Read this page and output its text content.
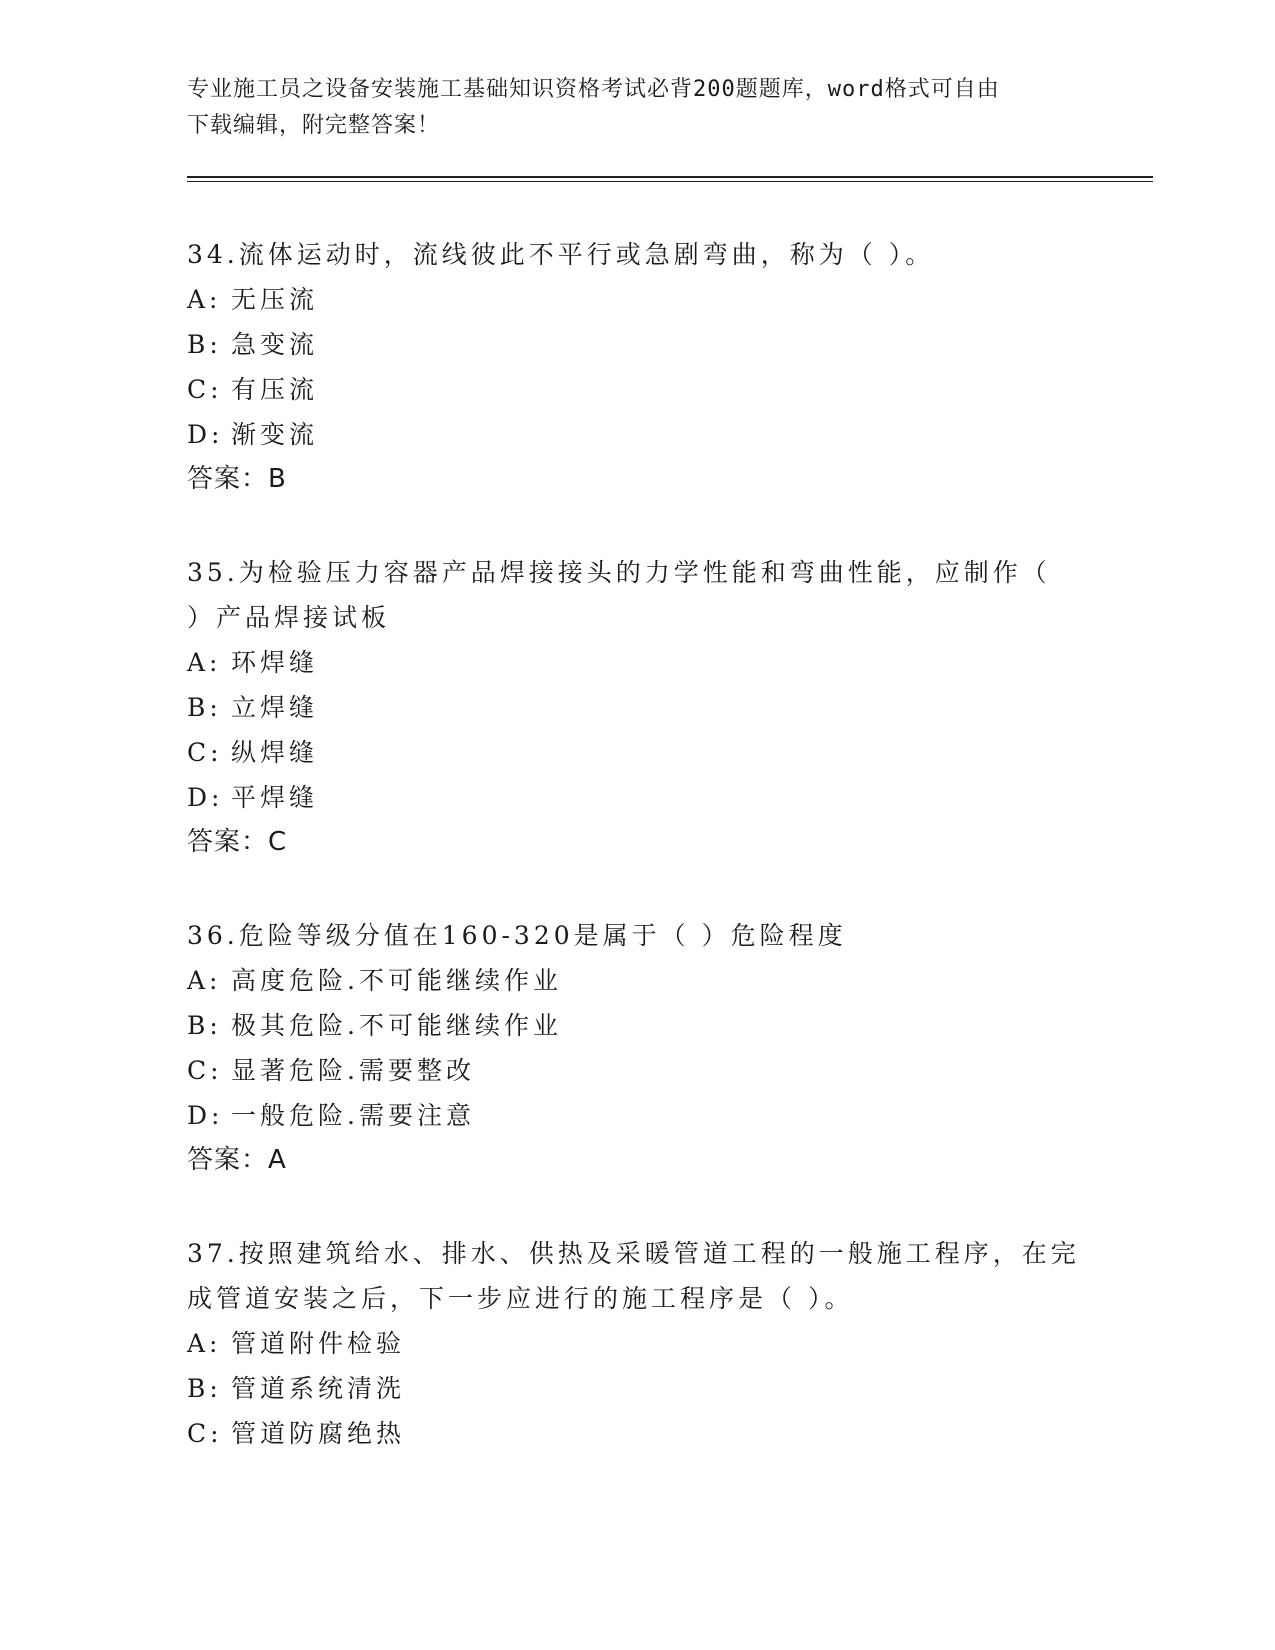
专业施工员之设备安装施工基础知识资格考试必背200题题库，word格式可自由
下载编辑，附完整答案！

34.流体运动时，流线彼此不平行或急剧弯曲，称为（ ）。

A: 无压流

B: 急变流

C: 有压流

D: 渐变流

答案：B

35.为检验压力容器产品焊接接头的力学性能和弯曲性能，应制作（

）产品焊接试板

A: 环焊缝

B: 立焊缝

C: 纵焊缝

D: 平焊缝

答案：C

36.危险等级分值在160-320是属于（ ）危险程度

A: 高度危险.不可能继续作业

B: 极其危险.不可能继续作业

C: 显著危险.需要整改

D: 一般危险.需要注意

答案：A

37.按照建筑给水、排水、供热及采暖管道工程的一般施工程序，在完

成管道安装之后，下一步应进行的施工程序是（ ）。

A: 管道附件检验

B: 管道系统清洗

C: 管道防腐绝热
